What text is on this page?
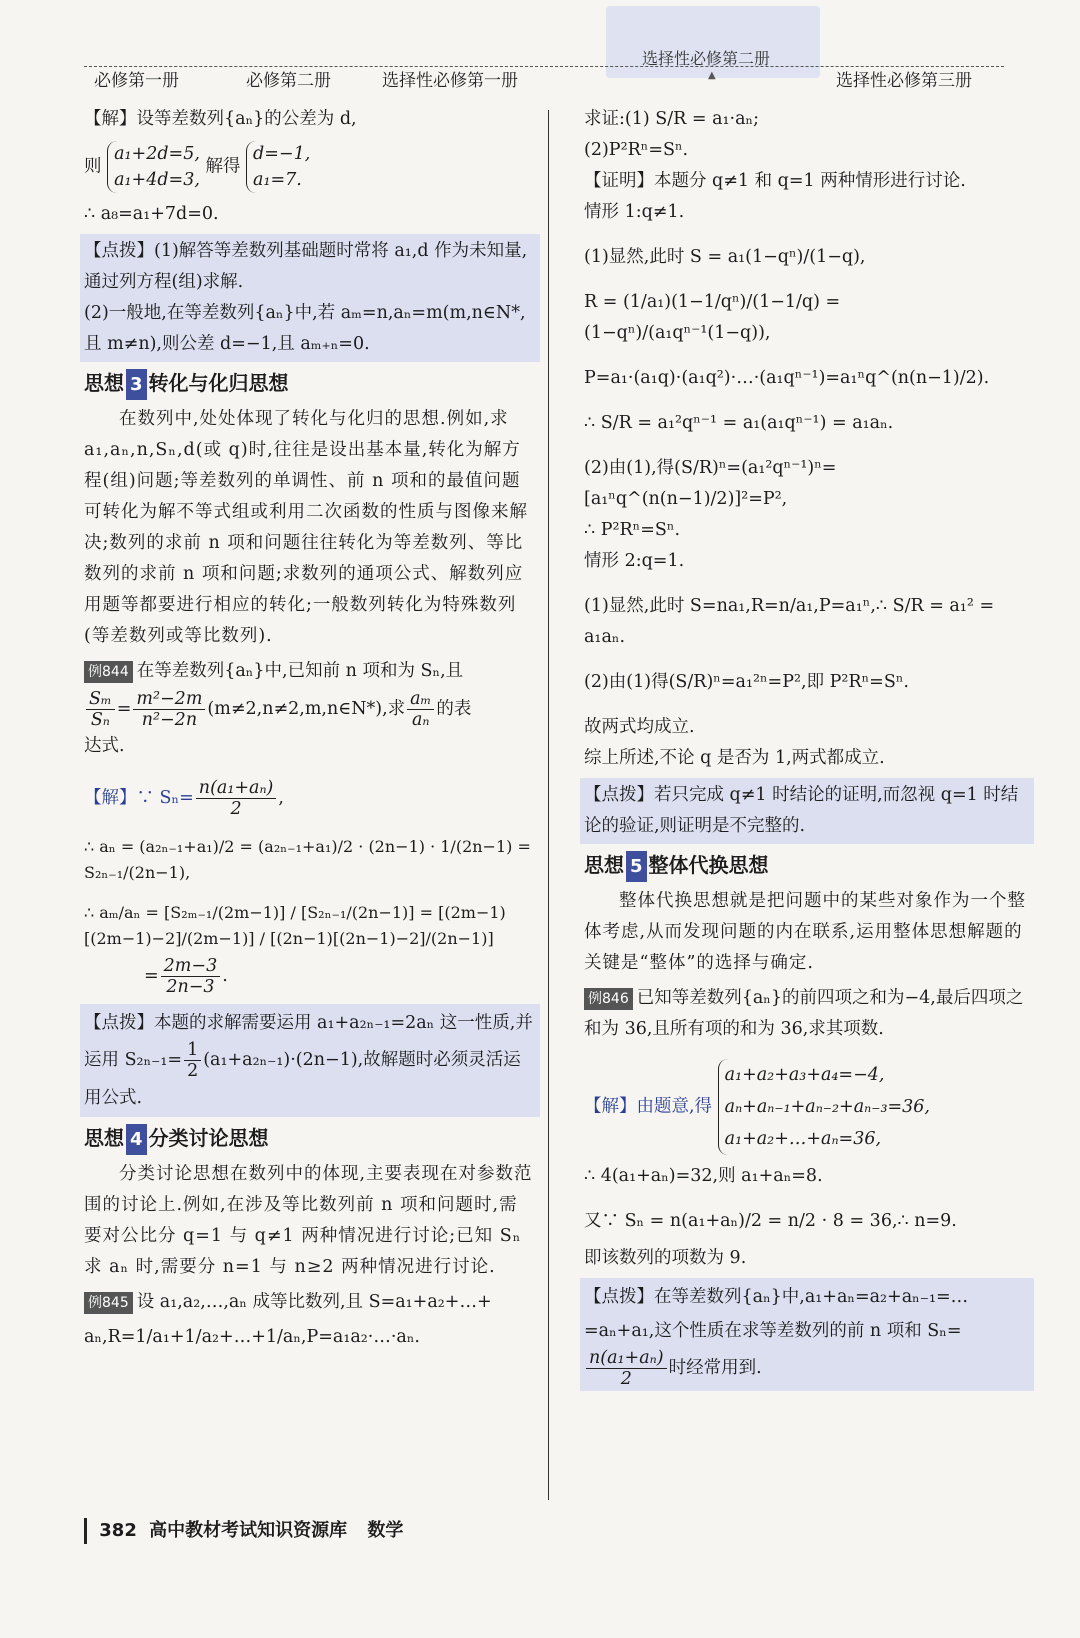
选择性必修第二册
▲
必修第一册	必修第二册	选择性必修第一册	选择性必修第三册

【解】设等差数列{aₙ}的公差为 d,

则
a₁+2d=5,
a₁+4d=3,
解得
d=−1,
a₁=7.

∴ a₈=a₁+7d=0.

【点拨】(1)解答等差数列基础题时常将 a₁,d 作为未知量,通过列方程(组)求解.

(2)一般地,在等差数列{aₙ}中,若 aₘ=n,aₙ=m(m,n∈N*,且 m≠n),则公差 d=−1,且 aₘ₊ₙ=0.

思想 3 转化与化归思想

在数列中,处处体现了转化与化归的思想.例如,求 a₁,aₙ,n,Sₙ,d(或 q)时,往往是设出基本量,转化为解方程(组)问题;等差数列的单调性、前 n 项和的最值问题可转化为解不等式组或利用二次函数的性质与图像来解决;数列的求前 n 项和问题往往转化为等差数列、等比数列的求前 n 项和问题;求数列的通项公式、解数列应用题等都要进行相应的转化;一般数列转化为特殊数列(等差数列或等比数列).

例844 在等差数列{aₙ}中,已知前 n 项和为 Sₙ,且
$\frac{\text{Sₘ}}{\text{Sₙ}} = \frac{\text{m²−2m}}{\text{n²−2n}}$ (m≠2,n≠2,m,n∈N*),求 $\frac{\text{aₘ}}{\text{aₙ}}$ 的表

达式.

【解】∵ $S_n= \frac{\text{n(a₁+aₙ)}}{2}$ ,

∴ aₙ = (a₂ₙ₋₁+a₁)/2 = (a₂ₙ₋₁+a₁)/2 · (2n−1) · 1/(2n−1) = S₂ₙ₋₁/(2n−1),

∴ aₘ/aₙ = [S₂ₘ₋₁/(2m−1)] / [S₂ₙ₋₁/(2n−1)] = [(2m−1)[(2m−1)−2]/(2m−1)] / [(2n−1)[(2n−1)−2]/(2n−1)]

= $\frac{2m-3}{2n-3}$ .
【点拨】本题的求解需要运用 a₁+a₂ₙ₋₁=2aₙ 这一性质,并运用 $S_{2n-1}= \frac{1}{2} (a_1+a_{2n-1})\cdot(2n-1)$,故解题时必须灵活运用公式.
思想 4 分类讨论思想

分类讨论思想在数列中的体现,主要表现在对参数范围的讨论上.例如,在涉及等比数列前 n 项和问题时,需要对公比分 q=1 与 q≠1 两种情况进行讨论;已知 Sₙ 求 aₙ 时,需要分 n=1 与 n≥2 两种情况进行讨论.

例845 设 a₁,a₂,…,aₙ 成等比数列,且 S=a₁+a₂+…+

aₙ,R=1/a₁+1/a₂+…+1/aₙ,P=a₁a₂·…·aₙ.

求证:(1) S/R = a₁·aₙ;

(2)P²Rⁿ=Sⁿ.

【证明】本题分 q≠1 和 q=1 两种情形进行讨论.

情形 1:q≠1.

(1)显然,此时 S = a₁(1−qⁿ)/(1−q),

R = (1/a₁)(1−1/qⁿ)/(1−1/q) = (1−qⁿ)/(a₁qⁿ⁻¹(1−q)),

P=a₁·(a₁q)·(a₁q²)·…·(a₁qⁿ⁻¹)=a₁ⁿq^(n(n−1)/2).

∴ S/R = a₁²qⁿ⁻¹ = a₁(a₁qⁿ⁻¹) = a₁aₙ.

(2)由(1),得(S/R)ⁿ=(a₁²qⁿ⁻¹)ⁿ=[a₁ⁿq^(n(n−1)/2)]²=P²,

∴ P²Rⁿ=Sⁿ.

情形 2:q=1.

(1)显然,此时 S=na₁,R=n/a₁,P=a₁ⁿ,∴ S/R = a₁² = a₁aₙ.

(2)由(1)得(S/R)ⁿ=a₁²ⁿ=P²,即 P²Rⁿ=Sⁿ.

故两式均成立.

综上所述,不论 q 是否为 1,两式都成立.

【点拨】若只完成 q≠1 时结论的证明,而忽视 q=1 时结论的验证,则证明是不完整的.

思想 5 整体代换思想

整体代换思想就是把问题中的某些对象作为一个整体考虑,从而发现问题的内在联系,运用整体思想解题的关键是“整体”的选择与确定.

例846 已知等差数列{aₙ}的前四项之和为−4,最后四项之和为 36,且所有项的和为 36,求其项数.
【解】由题意,得
a₁+a₂+a₃+a₄=−4,
aₙ+aₙ₋₁+aₙ₋₂+aₙ₋₃=36,
a₁+a₂+…+aₙ=36,

∴ 4(a₁+aₙ)=32,则 a₁+aₙ=8.

又∵ Sₙ = n(a₁+aₙ)/2 = n/2 · 8 = 36,∴ n=9.

即该数列的项数为 9.

【点拨】在等差数列{aₙ}中,a₁+aₙ=a₂+aₙ₋₁=…=aₙ+a₁,这个性质在求等差数列的前 n 项和 Sₙ=
$\frac{\text{n(a₁+aₙ)}}{2}$ 时经常用到.
382 高中教材考试知识资源库 数学
